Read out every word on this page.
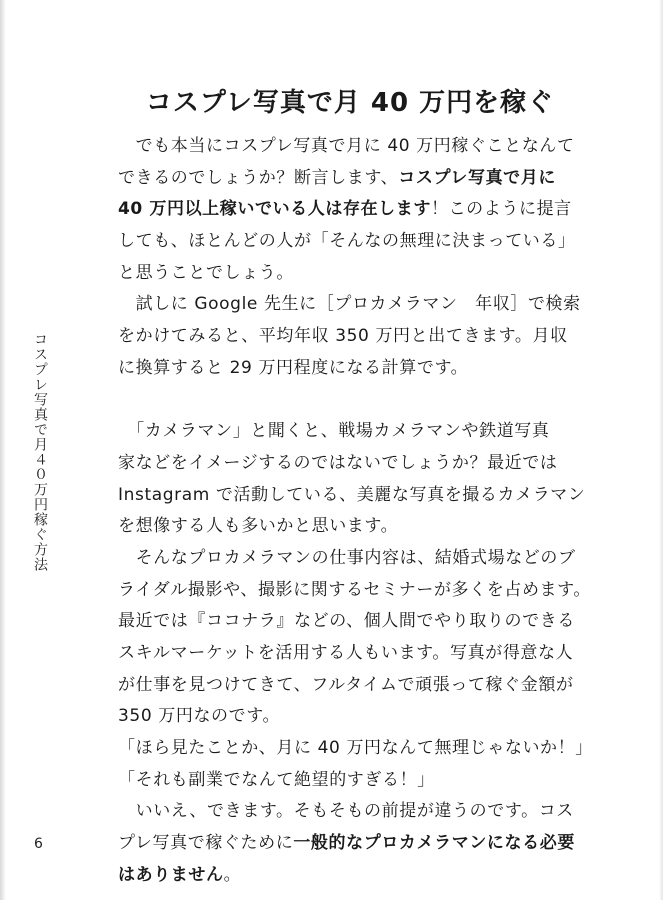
コスプレ写真で月 40 万円を稼ぐ
コスプレ写真で月４０万円稼ぐ方法
　でも本当にコスプレ写真で月に 40 万円稼ぐことなんて
できるのでしょうか？断言します、コスプレ写真で月に
40 万円以上稼いでいる人は存在します！このように提言
しても、ほとんどの人が「そんなの無理に決まっている」
と思うことでしょう。
　試しに Google 先生に［プロカメラマン　年収］で検索
をかけてみると、平均年収 350 万円と出てきます。月収
に換算すると 29 万円程度になる計算です。
　「カメラマン」と聞くと、戦場カメラマンや鉄道写真
家などをイメージするのではないでしょうか？最近では
Instagram で活動している、美麗な写真を撮るカメラマン
を想像する人も多いかと思います。
　そんなプロカメラマンの仕事内容は、結婚式場などのブ
ライダル撮影や、撮影に関するセミナーが多くを占めます。
最近では『ココナラ』などの、個人間でやり取りのできる
スキルマーケットを活用する人もいます。写真が得意な人
が仕事を見つけてきて、フルタイムで頑張って稼ぐ金額が
350 万円なのです。
「ほら見たことか、月に 40 万円なんて無理じゃないか！」
「それも副業でなんて絶望的すぎる！」
　いいえ、できます。そもそもの前提が違うのです。コス
プレ写真で稼ぐために一般的なプロカメラマンになる必要
はありません。
6
